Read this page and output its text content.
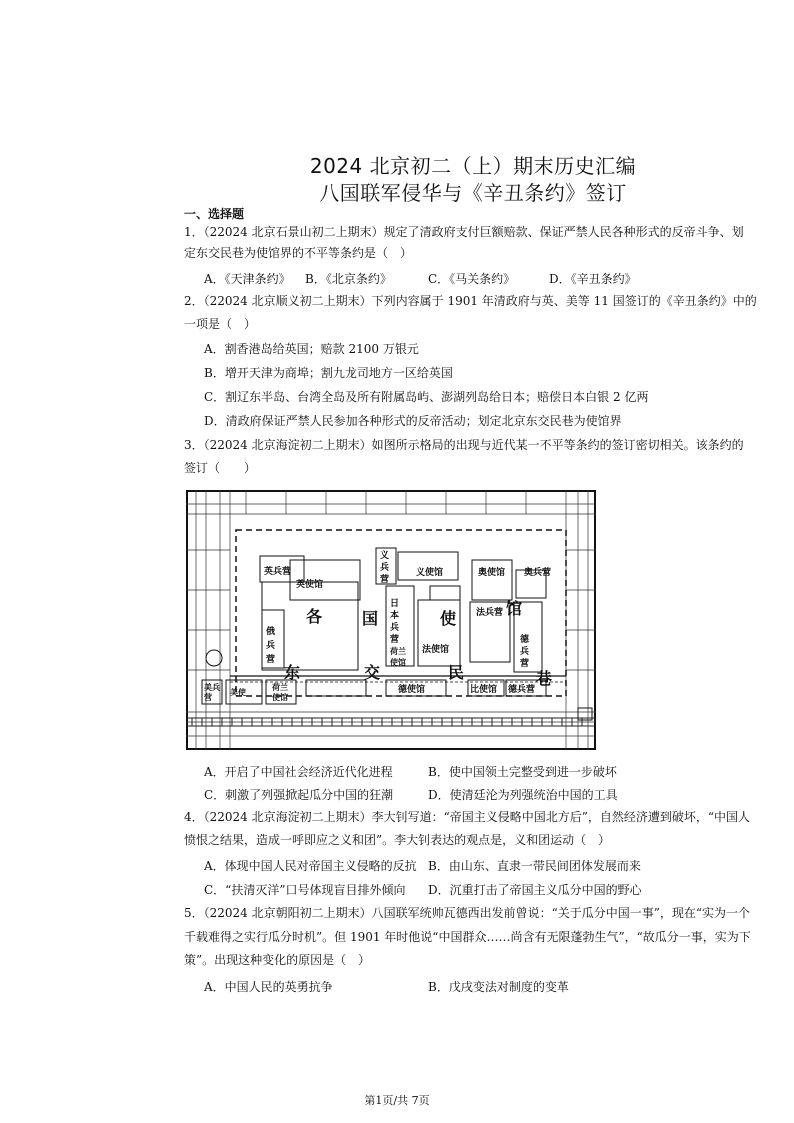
2024 北京初二（上）期末历史汇编
八国联军侵华与《辛丑条约》签订
一、选择题
1．（22024 北京石景山初二上期末）规定了清政府支付巨额赔款、保证严禁人民各种形式的反帝斗争、划
定东交民巷为使馆界的不平等条约是（　）
A．《天津条约》 B．《北京条约》	C．《马关条约》	D．《辛丑条约》
2．（22024 北京顺义初二上期末）下列内容属于 1901 年清政府与英、美等 11 国签订的《辛丑条约》中的
一项是（　）
A．割香港岛给英国；赔款 2100 万银元
B．增开天津为商埠；割九龙司地方一区给英国
C．割辽东半岛、台湾全岛及所有附属岛屿、澎湖列岛给日本；赔偿日本白银 2 亿两
D．清政府保证严禁人民参加各种形式的反帝活动；划定北京东交民巷为使馆界
3．（22024 北京海淀初二上期末）如图所示格局的出现与近代某一不平等条约的签订密切相关。该条约的
签订（　　）
英兵营
英使馆
义
兵
营
义使馆	奥使馆 奥兵营
俄
兵
营
日
本
兵
营
荷兰
使馆
法兵营
法使馆
德
兵
营
德使馆	比使馆 德兵营
美兵
营
美使
荷兰
使馆
各 国	使
馆
东	交	民	巷
A．开启了中国社会经济近代化进程	B．使中国领土完整受到进一步破坏
C．刺激了列强掀起瓜分中国的狂潮	D．使清廷沦为列强统治中国的工具
4．（22024 北京海淀初二上期末）李大钊写道：“帝国主义侵略中国北方后”，自然经济遭到破坏，“中国人
愤恨之结果，造成一呼即应之义和团”。李大钊表达的观点是，义和团运动（　）
A．体现中国人民对帝国主义侵略的反抗 B．由山东、直隶一带民间团体发展而来
C．“扶清灭洋”口号体现盲目排外倾向 D．沉重打击了帝国主义瓜分中国的野心
5．（22024 北京朝阳初二上期末）八国联军统帅瓦德西出发前曾说：“关于瓜分中国一事”，现在“实为一个
千载难得之实行瓜分时机”。但 1901 年时他说“中国群众……尚含有无限蓬勃生气”，“故瓜分一事，实为下
策”。出现这种变化的原因是（　）
A．中国人民的英勇抗争	B．戊戌变法对制度的变革
第1页/共 7页
